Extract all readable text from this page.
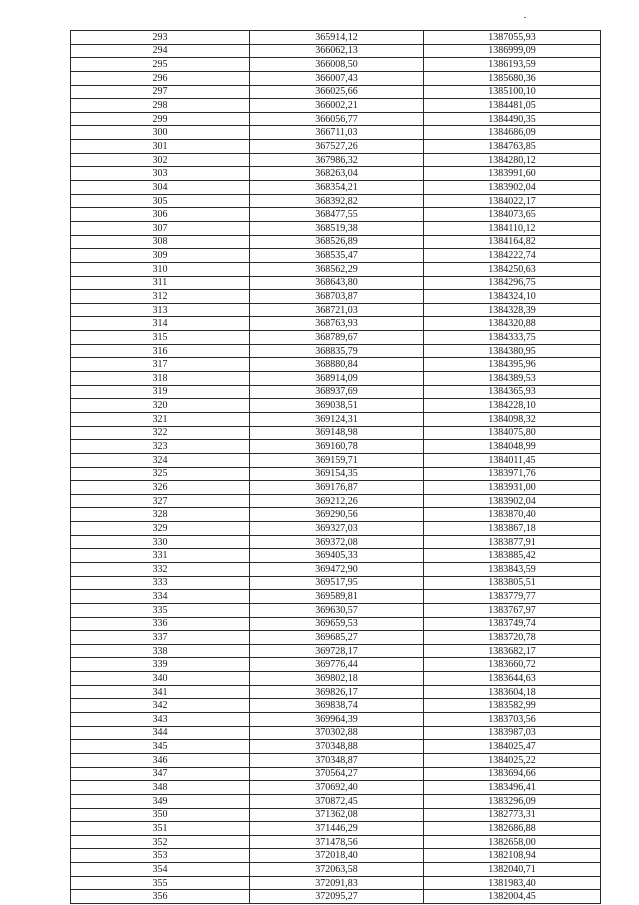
293	365914,12	1387055,93
294	366062,13	1386999,09
295	366008,50	1386193,59
296	366007,43	1385680,36
297	366025,66	1385100,10
298	366002,21	1384481,05
299	366056,77	1384490,35
300	366711,03	1384686,09
301	367527,26	1384763,85
302	367986,32	1384280,12
303	368263,04	1383991,60
304	368354,21	1383902,04
305	368392,82	1384022,17
306	368477,55	1384073,65
307	368519,38	1384110,12
308	368526,89	1384164,82
309	368535,47	1384222,74
310	368562,29	1384250,63
311	368643,80	1384296,75
312	368703,87	1384324,10
313	368721,03	1384328,39
314	368763,93	1384320,88
315	368789,67	1384333,75
316	368835,79	1384380,95
317	368880,84	1384395,96
318	368914,09	1384389,53
319	368937,69	1384365,93
320	369038,51	1384228,10
321	369124,31	1384098,32
322	369148,98	1384075,80
323	369160,78	1384048,99
324	369159,71	1384011,45
325	369154,35	1383971,76
326	369176,87	1383931,00
327	369212,26	1383902,04
328	369290,56	1383870,40
329	369327,03	1383867,18
330	369372,08	1383877,91
331	369405,33	1383885,42
332	369472,90	1383843,59
333	369517,95	1383805,51
334	369589,81	1383779,77
335	369630,57	1383767,97
336	369659,53	1383749,74
337	369685,27	1383720,78
338	369728,17	1383682,17
339	369776,44	1383660,72
340	369802,18	1383644,63
341	369826,17	1383604,18
342	369838,74	1383582,99
343	369964,39	1383703,56
344	370302,88	1383987,03
345	370348,88	1384025,47
346	370348,87	1384025,22
347	370564,27	1383694,66
348	370692,40	1383496,41
349	370872,45	1383296,09
350	371362,08	1382773,31
351	371446,29	1382686,88
352	371478,56	1382658,00
353	372018,40	1382108,94
354	372063,58	1382040,71
355	372091,83	1381983,40
356	372095,27	1382004,45
